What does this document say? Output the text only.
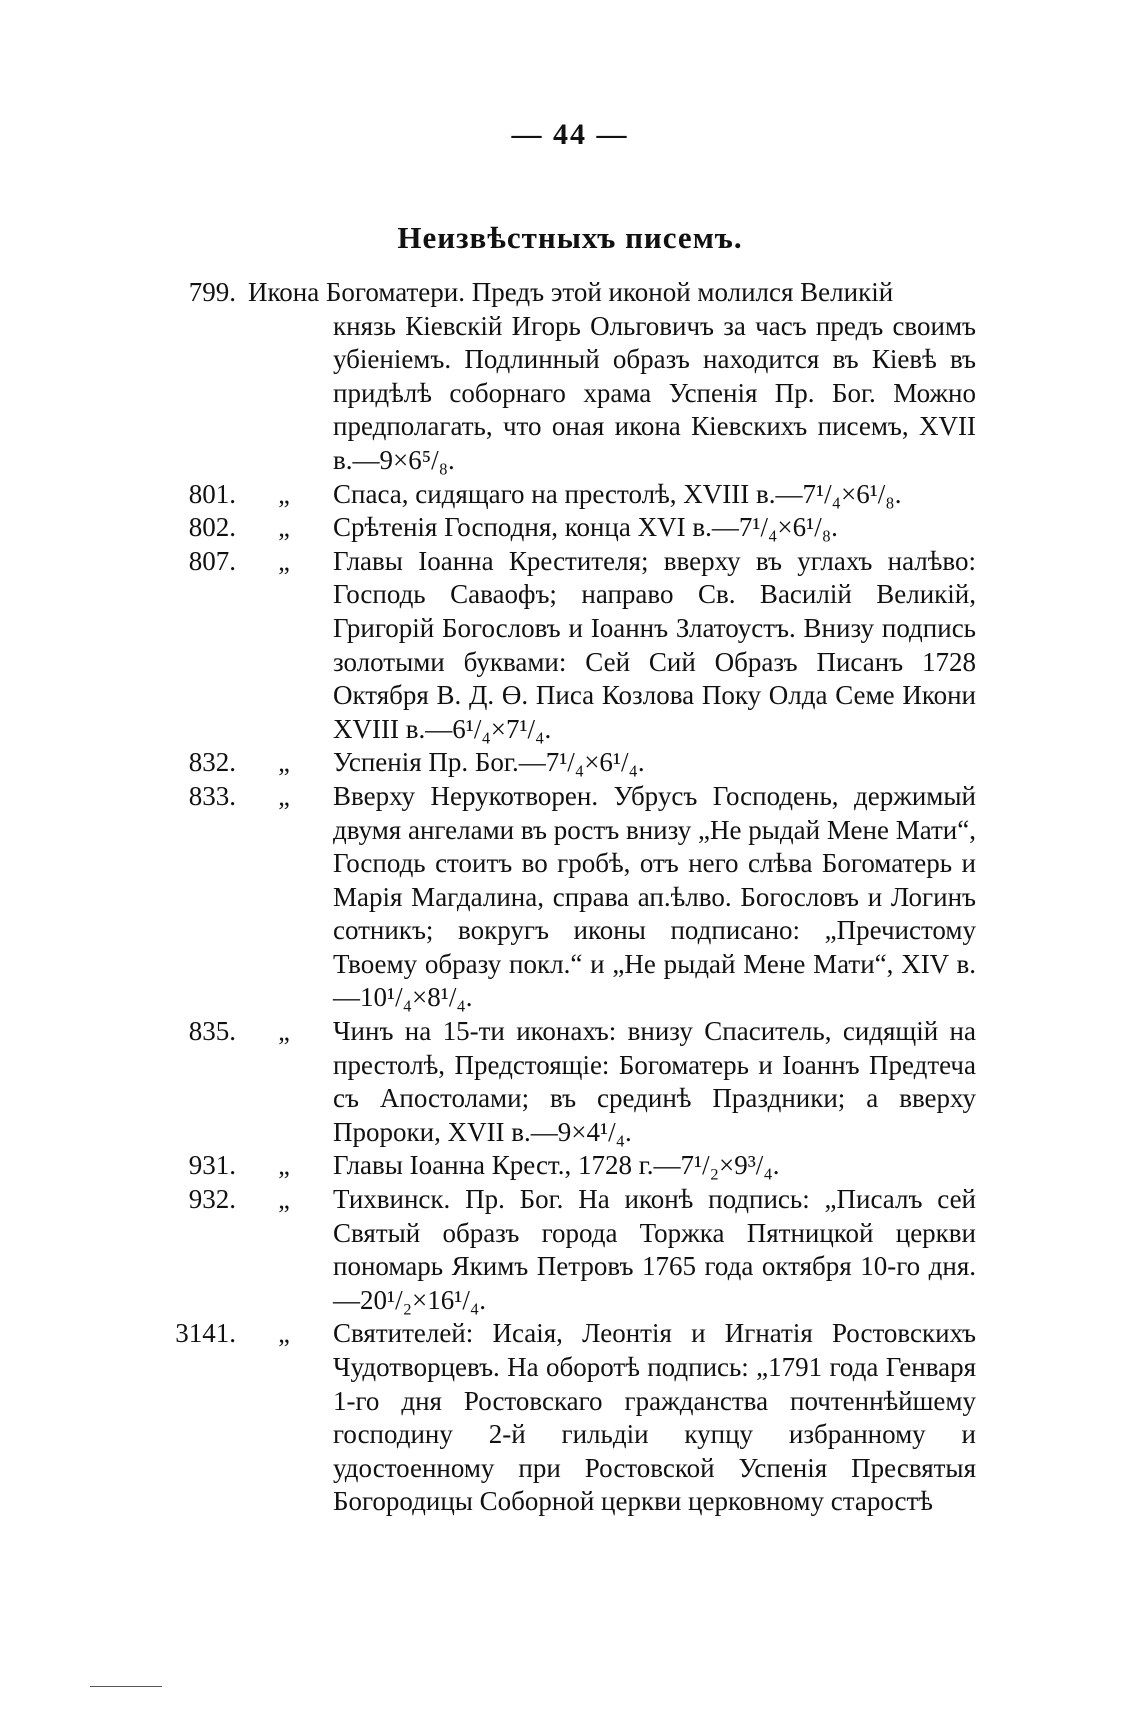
— 44 —
Неизвѣстныхъ писемъ.
799. Икона Богоматери. Предъ этой иконой молился Великій
князь Кіевскій Игорь Ольговичъ за часъ предъ своимъ убіеніемъ. Подлинный образъ находится въ Кіевѣ въ придѣлѣ соборнаго храма Успенія Пр. Бог. Можно предполагать, что оная икона Кіевскихъ писемъ, XVII в.—9×6⁵/₈.
801. „ Спаса, сидящаго на престолѣ, XVIII в.—7¹/₄×6¹/₈.
802. „ Срѣтенія Господня, конца XVI в.—7¹/₄×6¹/₈.
807. „ Главы Іоанна Крестителя; вверху въ углахъ налѣво: Господь Саваофъ; направо Св. Василій Великій, Григорій Богословъ и Іоаннъ Златоустъ. Внизу подпись золотыми буквами: Сей Сий Образъ Писанъ 1728 Октября В. Д. Ө. Писа Козлова Поку Олда Семе Икони XVIII в.—6¹/₄×7¹/₄.
832. „ Успенія Пр. Бог.—7¹/₄×6¹/₄.
833. „ Вверху Нерукотворен. Убрусъ Господень, держимый двумя ангелами въ ростъ внизу „Не рыдай Мене Мати“, Господь стоитъ во гробѣ, отъ него слѣва Богоматерь и Марія Магдалина, справа ап.ѣлво. Богословъ и Логинъ сотникъ; вокругъ иконы подписано: „Пречистому Твоему образу покл.“ и „Не рыдай Мене Мати“, XIV в.—10¹/₄×8¹/₄.
835. „ Чинъ на 15-ти иконахъ: внизу Спаситель, сидящій на престолѣ, Предстоящіе: Богоматерь и Іоаннъ Предтеча съ Апостолами; въ срединѣ Праздники; а вверху Пророки, XVII в.—9×4¹/₄.
931. „ Главы Іоанна Крест., 1728 г.—7¹/₂×9³/₄.
932. „ Тихвинск. Пр. Бог. На иконѣ подпись: „Писалъ сей Святый образъ города Торжка Пятницкой церкви пономарь Якимъ Петровъ 1765 года октября 10-го дня.—20¹/₂×16¹/₄.
3141. „ Святителей: Исаія, Леонтія и Игнатія Ростовскихъ Чудотворцевъ. На оборотѣ подпись: „1791 года Генваря 1-го дня Ростовскаго гражданства почтеннѣйшему господину 2-й гильдіи купцу избранному и удостоенному при Ростовской Успенія Пресвятыя Богородицы Соборной церкви церковному старостѣ
